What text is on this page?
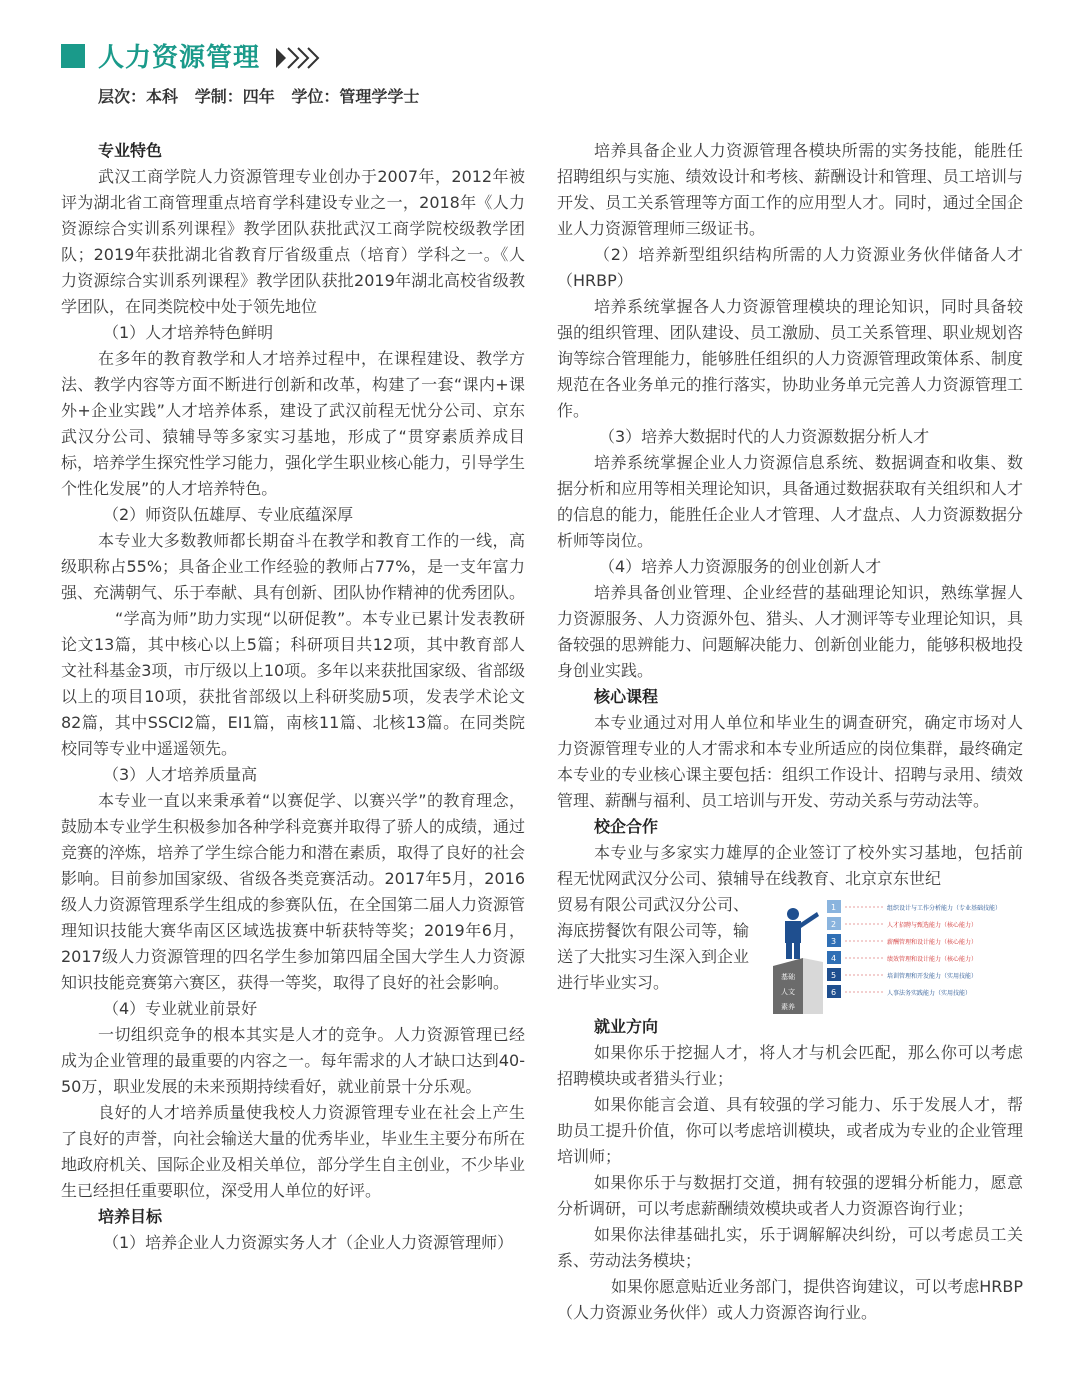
人力资源管理
层次：本科   学制：四年   学位：管理学学士

专业特色

武汉工商学院人力资源管理专业创办于2007年，2012年被评为湖北省工商管理重点培育学科建设专业之一，2018年《人力资源综合实训系列课程》教学团队获批武汉工商学院校级教学团队；2019年获批湖北省教育厅省级重点（培育）学科之一。《人力资源综合实训系列课程》教学团队获批2019年湖北高校省级教学团队，在同类院校中处于领先地位

（1）人才培养特色鲜明

在多年的教育教学和人才培养过程中，在课程建设、教学方法、教学内容等方面不断进行创新和改革，构建了一套“课内+课外+企业实践”人才培养体系，建设了武汉前程无忧分公司、京东武汉分公司、猿辅导等多家实习基地，形成了“贯穿素质养成目标，培养学生探究性学习能力，强化学生职业核心能力，引导学生个性化发展”的人才培养特色。

（2）师资队伍雄厚、专业底蕴深厚

本专业大多数教师都长期奋斗在教学和教育工作的一线，高级职称占55%；具备企业工作经验的教师占77%，是一支年富力强、充满朝气、乐于奉献、具有创新、团队协作精神的优秀团队。

“学高为师”助力实现“以研促教”。本专业已累计发表教研论文13篇，其中核心以上5篇；科研项目共12项，其中教育部人文社科基金3项，市厅级以上10项。多年以来获批国家级、省部级以上的项目10项，获批省部级以上科研奖励5项，发表学术论文82篇，其中SSCI2篇，EI1篇，南核11篇、北核13篇。在同类院校同等专业中遥遥领先。

（3）人才培养质量高

本专业一直以来秉承着“以赛促学、以赛兴学”的教育理念，鼓励本专业学生积极参加各种学科竞赛并取得了骄人的成绩，通过竞赛的淬炼，培养了学生综合能力和潜在素质，取得了良好的社会影响。目前参加国家级、省级各类竞赛活动。2017年5月，2016级人力资源管理系学生组成的参赛队伍，在全国第二届人力资源管理知识技能大赛华南区区域选拔赛中斩获特等奖；2019年6月，2017级人力资源管理的四名学生参加第四届全国大学生人力资源知识技能竞赛第六赛区，获得一等奖，取得了良好的社会影响。

（4）专业就业前景好

一切组织竞争的根本其实是人才的竞争。人力资源管理已经成为企业管理的最重要的内容之一。每年需求的人才缺口达到40-50万，职业发展的未来预期持续看好，就业前景十分乐观。

良好的人才培养质量使我校人力资源管理专业在社会上产生了良好的声誉，向社会输送大量的优秀毕业，毕业生主要分布所在地政府机关、国际企业及相关单位，部分学生自主创业，不少毕业生已经担任重要职位，深受用人单位的好评。

培养目标

（1）培养企业人力资源实务人才（企业人力资源管理师）

培养具备企业人力资源管理各模块所需的实务技能，能胜任招聘组织与实施、绩效设计和考核、薪酬设计和管理、员工培训与开发、员工关系管理等方面工作的应用型人才。同时，通过全国企业人力资源管理师三级证书。

（2）培养新型组织结构所需的人力资源业务伙伴储备人才（HRBP）

培养系统掌握各人力资源管理模块的理论知识，同时具备较强的组织管理、团队建设、员工激励、员工关系管理、职业规划咨询等综合管理能力，能够胜任组织的人力资源管理政策体系、制度规范在各业务单元的推行落实，协助业务单元完善人力资源管理工作。

（3）培养大数据时代的人力资源数据分析人才

培养系统掌握企业人力资源信息系统、数据调查和收集、数据分析和应用等相关理论知识，具备通过数据获取有关组织和人才的信息的能力，能胜任企业人才管理、人才盘点、人力资源数据分析师等岗位。

（4）培养人力资源服务的创业创新人才

培养具备创业管理、企业经营的基础理论知识，熟练掌握人力资源服务、人力资源外包、猎头、人才测评等专业理论知识，具备较强的思辨能力、问题解决能力、创新创业能力，能够积极地投身创业实践。

核心课程

本专业通过对用人单位和毕业生的调查研究，确定市场对人力资源管理专业的人才需求和本专业所适应的岗位集群，最终确定本专业的专业核心课主要包括：组织工作设计、招聘与录用、绩效管理、薪酬与福利、员工培训与开发、劳动关系与劳动法等。

校企合作

本专业与多家实力雄厚的企业签订了校外实习基地，包括前程无忧网武汉分公司、猿辅导在线教育、北京京东世纪

贸易有限公司武汉分公司、海底捞餐饮有限公司等，输送了大批实习生深入到企业进行毕业实习。	基础
人文
素养
1	组织设计与工作分析能力（专业基础技能）
2	人才招聘与甄选能力（核心能力）
3	薪酬管理和设计能力（核心能力）
4	绩效管理和设计能力（核心能力）
5	培训管理和开发能力（实用技能）
6	人事法务实践能力（实用技能）

就业方向

如果你乐于挖掘人才，将人才与机会匹配，那么你可以考虑招聘模块或者猎头行业；

如果你能言会道、具有较强的学习能力、乐于发展人才，帮助员工提升价值，你可以考虑培训模块，或者成为专业的企业管理培训师；

如果你乐于与数据打交道，拥有较强的逻辑分析能力，愿意分析调研，可以考虑薪酬绩效模块或者人力资源咨询行业；

如果你法律基础扎实，乐于调解解决纠纷，可以考虑员工关系、劳动法务模块；

如果你愿意贴近业务部门，提供咨询建议，可以考虑HRBP（人力资源业务伙伴）或人力资源咨询行业。
